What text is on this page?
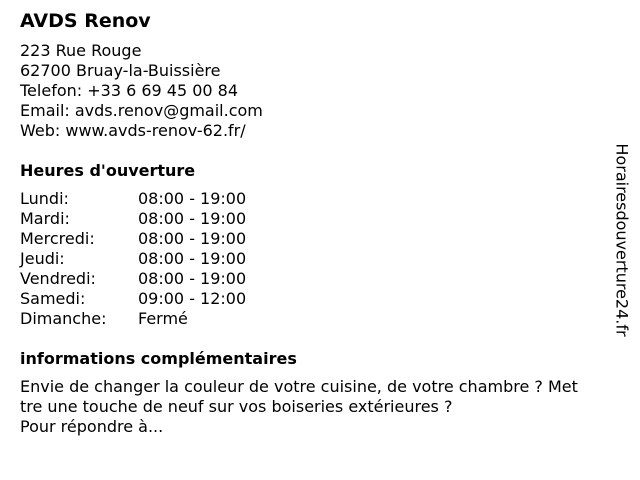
AVDS Renov
223 Rue Rouge
62700 Bruay-la-Buissière
Telefon: +33 6 69 45 00 84
Email: avds.renov@gmail.com
Web: www.avds-renov-62.fr/
Heures d'ouverture
Lundi:	08:00 - 19:00
Mardi:	08:00 - 19:00
Mercredi:	08:00 - 19:00
Jeudi:	08:00 - 19:00
Vendredi:	08:00 - 19:00
Samedi:	09:00 - 12:00
Dimanche:	Fermé
informations complémentaires
Envie de changer la couleur de votre cuisine, de votre chambre ? Met
tre une touche de neuf sur vos boiseries extérieures ?
Pour répondre à...
Horairesdouverture24.fr
